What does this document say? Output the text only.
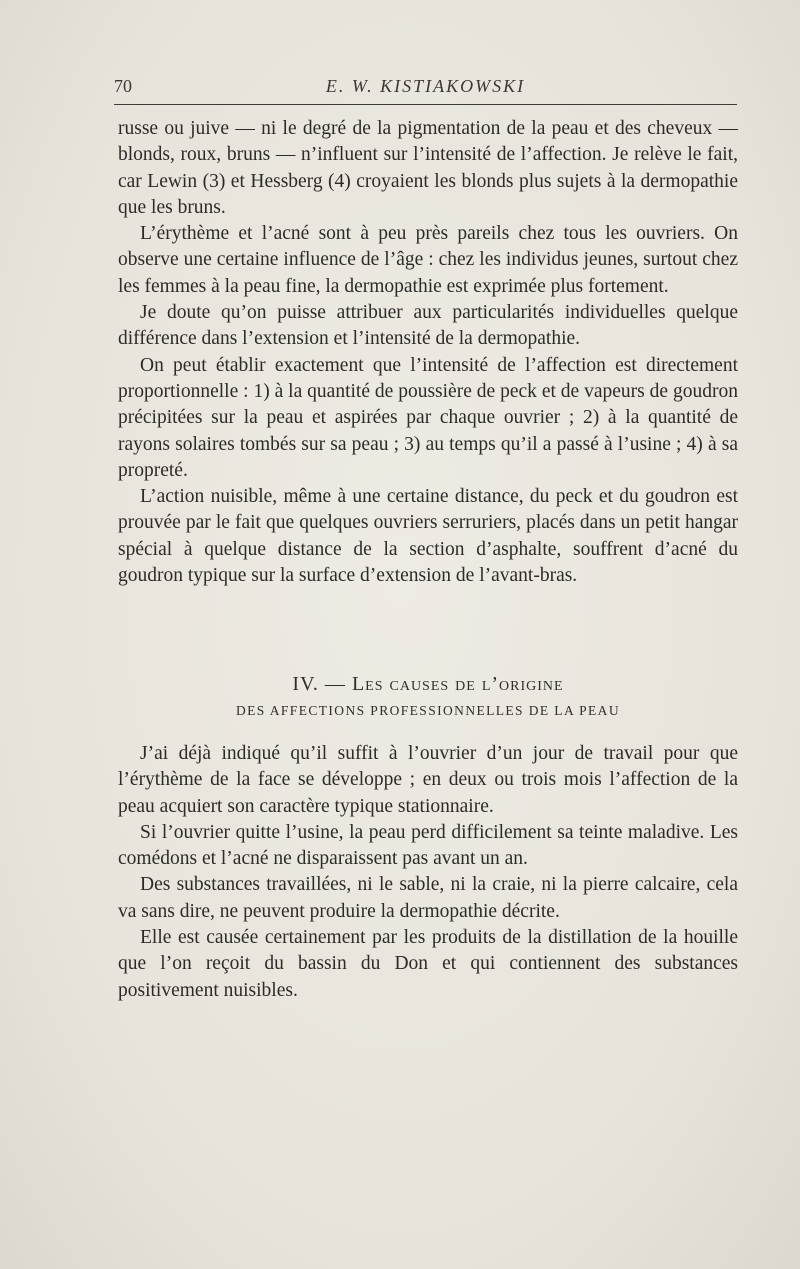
70	E. W. KISTIAKOWSKI

russe ou juive — ni le degré de la pigmentation de la peau et des cheveux — blonds, roux, bruns — n’influent sur l’intensité de l’affection. Je relève le fait, car Lewin (3) et Hessberg (4) croyaient les blonds plus sujets à la dermopathie que les bruns.

L’érythème et l’acné sont à peu près pareils chez tous les ouvriers. On observe une certaine influence de l’âge : chez les individus jeunes, surtout chez les femmes à la peau fine, la dermopathie est exprimée plus fortement.

Je doute qu’on puisse attribuer aux particularités individuelles quelque différence dans l’extension et l’intensité de la dermopathie.

On peut établir exactement que l’intensité de l’affection est directement proportionnelle : 1) à la quantité de poussière de peck et de vapeurs de goudron précipitées sur la peau et aspirées par chaque ouvrier ; 2) à la quantité de rayons solaires tombés sur sa peau ; 3) au temps qu’il a passé à l’usine ; 4) à sa propreté.

L’action nuisible, même à une certaine distance, du peck et du goudron est prouvée par le fait que quelques ouvriers serruriers, placés dans un petit hangar spécial à quelque distance de la section d’asphalte, souffrent d’acné du goudron typique sur la surface d’extension de l’avant-bras.

IV. — Les causes de l’origine
DES AFFECTIONS PROFESSIONNELLES DE LA PEAU

J’ai déjà indiqué qu’il suffit à l’ouvrier d’un jour de travail pour que l’érythème de la face se développe ; en deux ou trois mois l’affection de la peau acquiert son caractère typique stationnaire.

Si l’ouvrier quitte l’usine, la peau perd difficilement sa teinte maladive. Les comédons et l’acné ne disparaissent pas avant un an.

Des substances travaillées, ni le sable, ni la craie, ni la pierre calcaire, cela va sans dire, ne peuvent produire la dermopathie décrite.

Elle est causée certainement par les produits de la distillation de la houille que l’on reçoit du bassin du Don et qui contiennent des substances positivement nuisibles.
